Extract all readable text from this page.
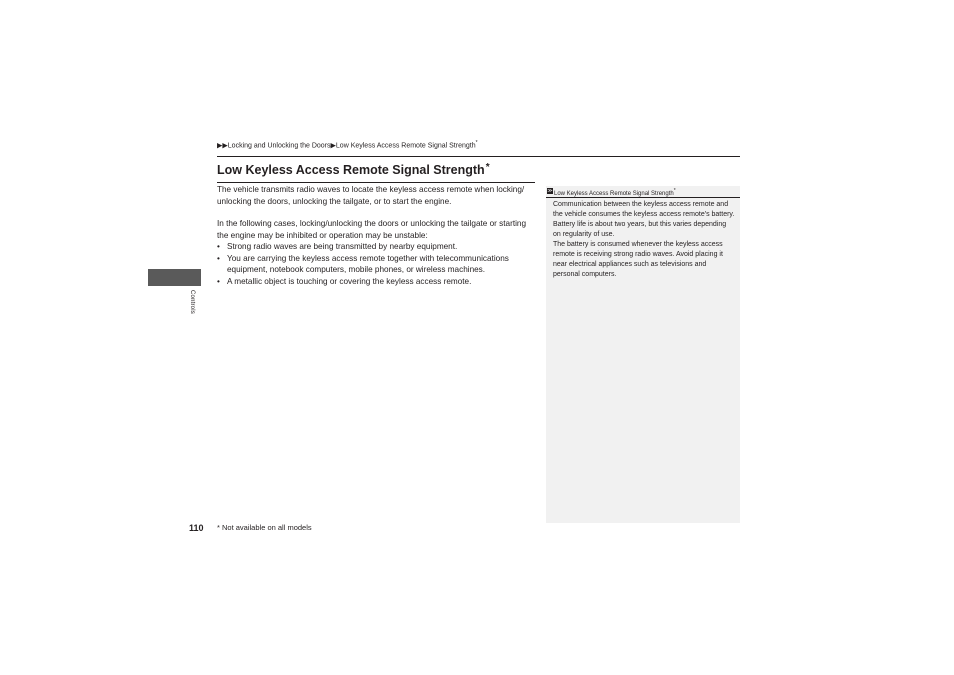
▶▶Locking and Unlocking the Doors▶Low Keyless Access Remote Signal Strength*
Low Keyless Access Remote Signal Strength*
The vehicle transmits radio waves to locate the keyless access remote when locking/ unlocking the doors, unlocking the tailgate, or to start the engine.
In the following cases, locking/unlocking the doors or unlocking the tailgate or starting the engine may be inhibited or operation may be unstable:
• Strong radio waves are being transmitted by nearby equipment.
• You are carrying the keyless access remote together with telecommunications equipment, notebook computers, mobile phones, or wireless machines.
• A metallic object is touching or covering the keyless access remote.
Controls
≫ Low Keyless Access Remote Signal Strength*

Communication between the keyless access remote and the vehicle consumes the keyless access remote's battery.

Battery life is about two years, but this varies depending on regularity of use.

The battery is consumed whenever the keyless access remote is receiving strong radio waves. Avoid placing it near electrical appliances such as televisions and personal computers.

110 * Not available on all models
